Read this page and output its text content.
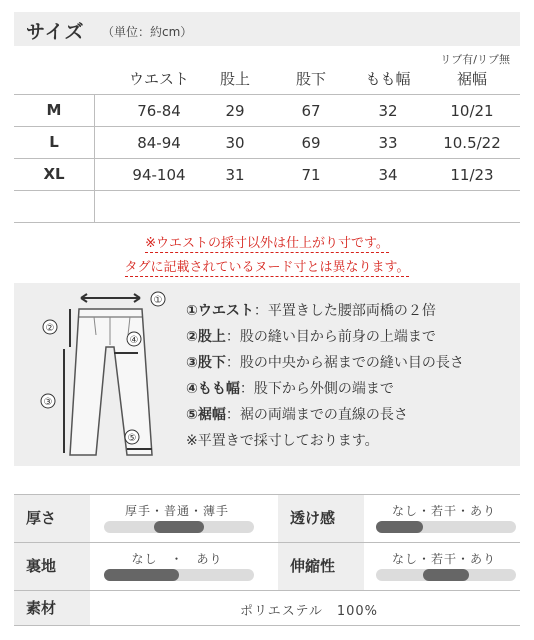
サイズ （単位：約cm）
リブ有/リブ無
ウエスト	股上	股下	もも幅	裾幅
M	76-84	29	67	32	10/21
L	84-94	30	69	33	10.5/22
XL	94-104	31	71	34	11/23
※ウエストの採寸以外は仕上がり寸です。
タグに記載されているヌード寸とは異なります。
①
②
③
④
⑤
①ウエスト：平置きした腰部両橋の２倍
②股上：股の縫い目から前身の上端まで
③股下：股の中央から裾までの縫い目の長さ
④もも幅：股下から外側の端まで
⑤裾幅：裾の両端までの直線の長さ
※平置きで採寸しております。
厚さ	厚手・普通・薄手	透け感	なし・若干・あり
裏地	なし　・　あり	伸縮性	なし・若干・あり
素材	ポリエステル　100%
